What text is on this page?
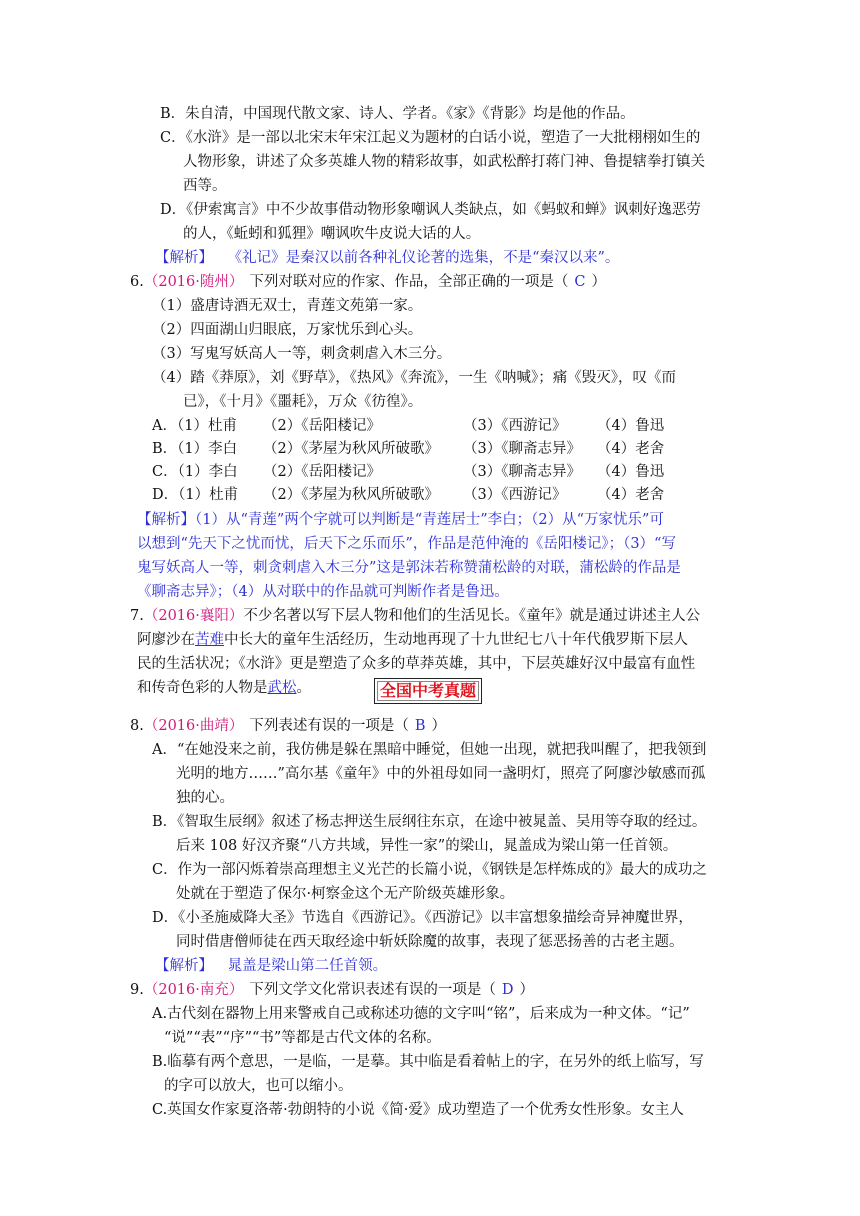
B．朱自清，中国现代散文家、诗人、学者。《家》《背影》均是他的作品。
C．《水浒》是一部以北宋末年宋江起义为题材的白话小说，塑造了一大批栩栩如生的
人物形象，讲述了众多英雄人物的精彩故事，如武松醉打蒋门神、鲁提辖拳打镇关
西等。
D．《伊索寓言》中不少故事借动物形象嘲讽人类缺点，如《蚂蚁和蝉》讽刺好逸恶劳
的人，《蚯蚓和狐狸》嘲讽吹牛皮说大话的人。
【解析】 《礼记》是秦汉以前各种礼仪论著的选集，不是“秦汉以来”。
6.（2016·随州） 下列对联对应的作家、作品，全部正确的一项是（ C ）
（1）盛唐诗酒无双士，青莲文苑第一家。
（2）四面湖山归眼底，万家忧乐到心头。
（3）写鬼写妖高人一等，刺贪刺虐入木三分。
（4）踏《莽原》，刘《野草》，《热风》《奔流》，一生《呐喊》；痛《毁灭》，叹《而
已》，《十月》《噩耗》，万众《彷徨》。
A．（1）杜甫 （2）《岳阳楼记》	（3）《西游记》 （4）鲁迅
B．（1）李白 （2）《茅屋为秋风所破歌》 （3）《聊斋志异》 （4）老舍
C．（1）李白 （2）《岳阳楼记》	（3）《聊斋志异》 （4）鲁迅
D．（1）杜甫 （2）《茅屋为秋风所破歌》 （3）《西游记》 （4）老舍
【解析】（1）从“青莲”两个字就可以判断是“青莲居士”李白；（2）从“万家忧乐”可
以想到“先天下之忧而忧，后天下之乐而乐”，作品是范仲淹的《岳阳楼记》；（3）“写
鬼写妖高人一等，刺贪刺虐入木三分”这是郭沫若称赞蒲松龄的对联，蒲松龄的作品是
《聊斋志异》；（4）从对联中的作品就可判断作者是鲁迅。
7.（2016·襄阳）不少名著以写下层人物和他们的生活见长。《童年》就是通过讲述主人公
阿廖沙在苦难中长大的童年生活经历，生动地再现了十九世纪七八十年代俄罗斯下层人
民的生活状况；《水浒》更是塑造了众多的草莽英雄，其中，下层英雄好汉中最富有血性
和传奇色彩的人物是武松。	全国中考真题
8.（2016·曲靖） 下列表述有误的一项是（ B ）
A．“在她没来之前，我仿佛是躲在黑暗中睡觉，但她一出现，就把我叫醒了，把我领到
光明的地方……”高尔基《童年》中的外祖母如同一盏明灯，照亮了阿廖沙敏感而孤
独的心。
B．《智取生辰纲》叙述了杨志押送生辰纲往东京，在途中被晁盖、吴用等夺取的经过。
后来 108 好汉齐聚“八方共域，异性一家”的梁山，晁盖成为梁山第一任首领。
C．作为一部闪烁着崇高理想主义光芒的长篇小说，《钢铁是怎样炼成的》最大的成功之
处就在于塑造了保尔·柯察金这个无产阶级英雄形象。
D．《小圣施威降大圣》节选自《西游记》。《西游记》以丰富想象描绘奇异神魔世界，
同时借唐僧师徒在西天取经途中斩妖除魔的故事，表现了惩恶扬善的古老主题。
【解析】 晁盖是梁山第二任首领。
9.（2016·南充） 下列文学文化常识表述有误的一项是（ D ）
A.古代刻在器物上用来警戒自己或称述功德的文字叫“铭”，后来成为一种文体。“记”
“说”“表”“序”“书”等都是古代文体的名称。
B.临摹有两个意思，一是临，一是摹。其中临是看着帖上的字，在另外的纸上临写，写
的字可以放大，也可以缩小。
C.英国女作家夏洛蒂·勃朗特的小说《简·爱》成功塑造了一个优秀女性形象。女主人
